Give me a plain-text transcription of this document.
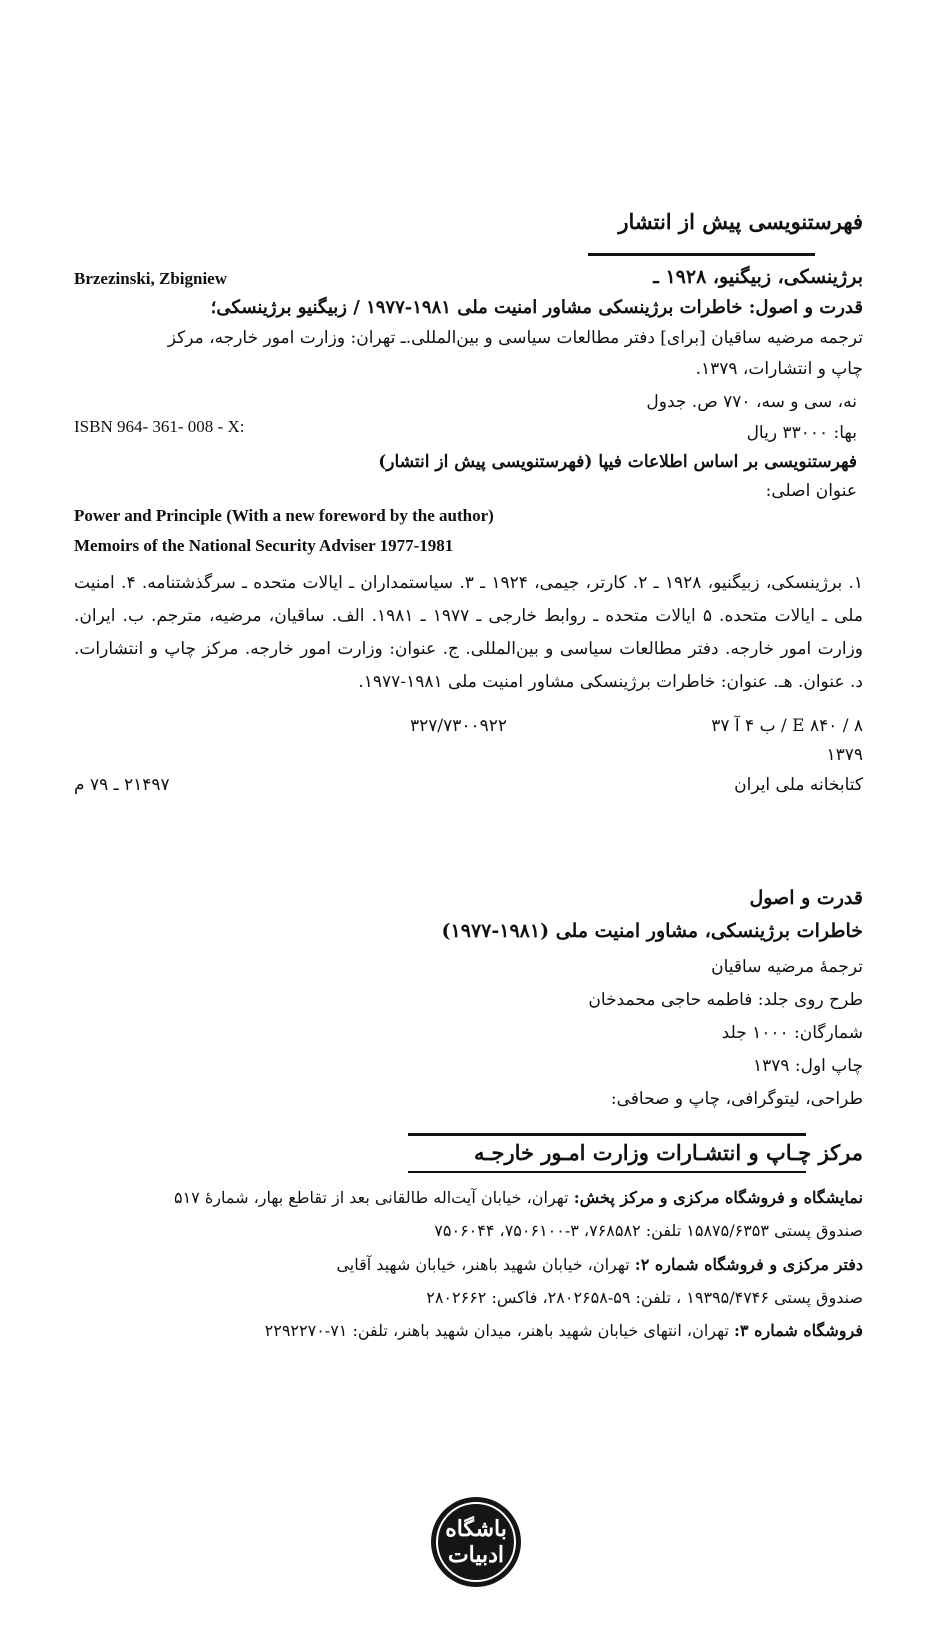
فهرستنویسی پیش از انتشار
برژینسکی، زبیگنیو، ۱۹۲۸ ـ
Brzezinski, Zbigniew
قدرت و اصول: خاطرات برژینسکی مشاور امنیت ملی ۱۹۸۱-۱۹۷۷ / زبیگنیو برژینسکی؛
ترجمه مرضیه ساقیان [برای] دفتر مطالعات سیاسی و بین‌المللی.ـ تهران: وزارت امور خارجه، مرکز
چاپ و انتشارات، ۱۳۷۹.
نه، سی و سه، ۷۷۰ ص. جدول
بها: ۳۳۰۰۰ ریال
ISBN 964- 361- 008 - X:
فهرستنویسی بر اساس اطلاعات فیپا (فهرستنویسی پیش از انتشار)
عنوان اصلی:
Power and Principle (With a new foreword by the author)
Memoirs of the National Security Adviser 1977-1981
۱. برژینسکی، زبیگنیو، ۱۹۲۸ ـ ۲. کارتر، جیمی، ۱۹۲۴ ـ ۳. سیاستمداران ـ ایالات متحده ـ سرگذشتنامه. ۴. امنیت ملی ـ ایالات متحده. ۵ ایالات متحده ـ روابط خارجی ـ ۱۹۷۷ ـ ۱۹۸۱. الف. ساقیان، مرضیه، مترجم. ب. ایران. وزارت امور خارجه. دفتر مطالعات سیاسی و بین‌المللی. ج. عنوان: وزارت امور خارجه. مرکز چاپ و انتشارات. د. عنوان. هـ. عنوان: خاطرات برژینسکی مشاور امنیت ملی ۱۹۸۱-۱۹۷۷.
E ۸۴۰ / ۸ / ب ۴ آ ۳۷
۳۲۷/۷۳۰۰۹۲۲
۱۳۷۹
کتابخانه ملی ایران
۲۱۴۹۷ ـ ۷۹ م
قدرت و اصول
خاطرات برژینسکی، مشاور امنیت ملی (۱۹۸۱-۱۹۷۷)
ترجمهٔ مرضیه ساقیان
طرح روی جلد: فاطمه حاجی محمدخان
شمارگان: ۱۰۰۰ جلد
چاپ اول: ۱۳۷۹
طراحی، لیتوگرافی، چاپ و صحافی:
مرکز چـاپ و انتشـارات وزارت امـور خارجـه
نمایشگاه و فروشگاه مرکزی و مرکز پخش: تهران، خیابان آیت‌اله طالقانی بعد از تقاطع بهار، شمارهٔ ۵۱۷
صندوق پستی ۱۵۸۷۵/۶۳۵۳ تلفن: ۷۶۸۵۸۲، ۳-۷۵۰۶۱۰۰، ۷۵۰۶۰۴۴
دفتر مرکزی و فروشگاه شماره ۲: تهران، خیابان شهید باهنر، خیابان شهید آقایی
صندوق پستی ۱۹۳۹۵/۴۷۴۶ ، تلفن: ۵۹-۲۸۰۲۶۵۸، فاکس: ۲۸۰۲۶۶۲
فروشگاه شماره ۳: تهران، انتهای خیابان شهید باهنر، میدان شهید باهنر، تلفن: ۷۱-۲۲۹۲۲۷۰
باشگاه
ادبیات
